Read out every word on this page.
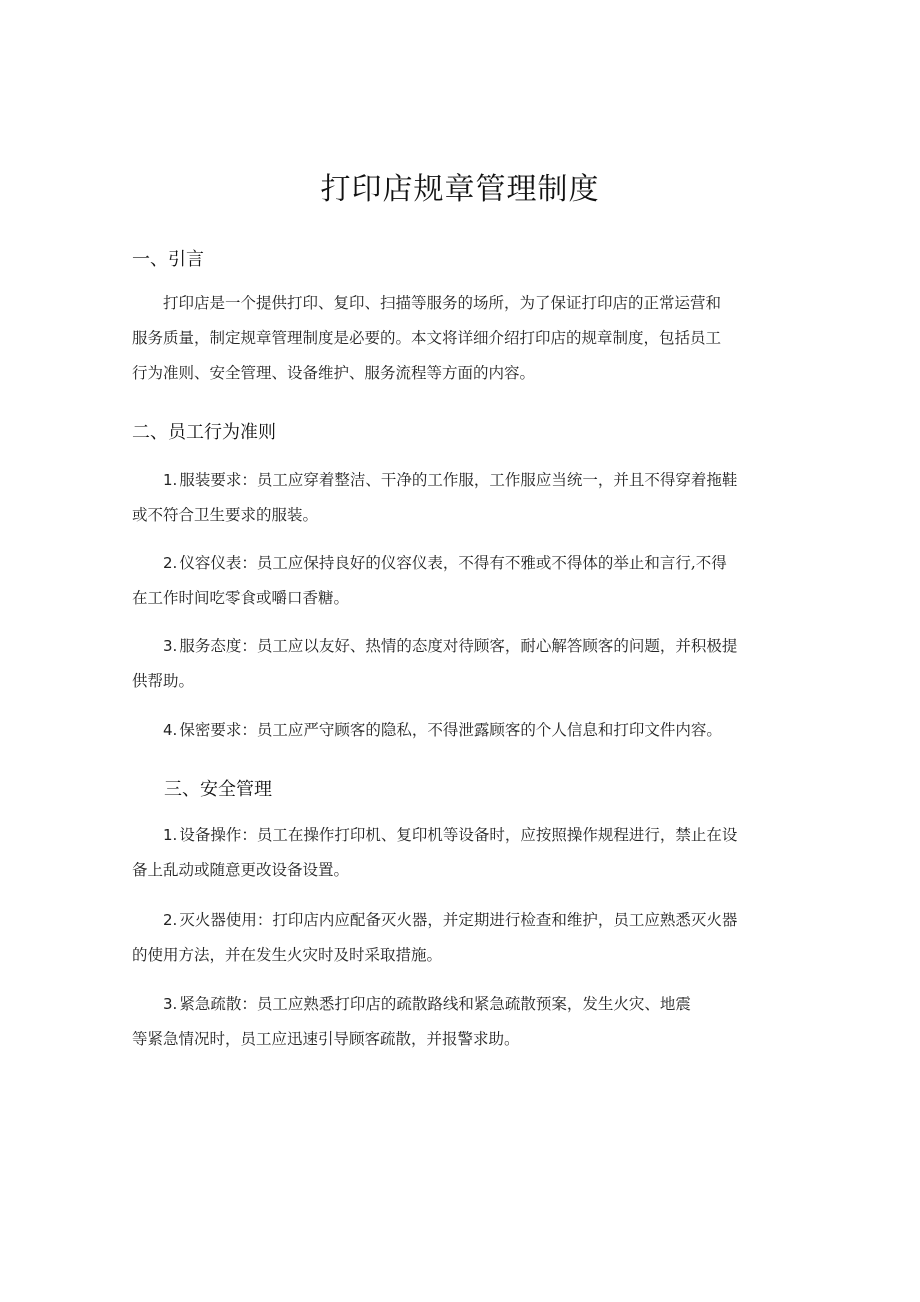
打印店规章管理制度
一、引言

打印店是一个提供打印、复印、扫描等服务的场所，为了保证打印店的正常运营和
服务质量，制定规章管理制度是必要的。本文将详细介绍打印店的规章制度，包括员工
行为准则、安全管理、设备维护、服务流程等方面的内容。

二、员工行为准则

1. 服装要求：员工应穿着整洁、干净的工作服，工作服应当统一，并且不得穿着拖鞋
或不符合卫生要求的服装。

2. 仪容仪表：员工应保持良好的仪容仪表，不得有不雅或不得体的举止和言行,不得
在工作时间吃零食或嚼口香糖。

3. 服务态度：员工应以友好、热情的态度对待顾客，耐心解答顾客的问题，并积极提
供帮助。

4. 保密要求：员工应严守顾客的隐私，不得泄露顾客的个人信息和打印文件内容。

三、安全管理

1. 设备操作：员工在操作打印机、复印机等设备时，应按照操作规程进行，禁止在设
备上乱动或随意更改设备设置。

2. 灭火器使用：打印店内应配备灭火器，并定期进行检查和维护，员工应熟悉灭火器
的使用方法，并在发生火灾时及时采取措施。

3. 紧急疏散：员工应熟悉打印店的疏散路线和紧急疏散预案，发生火灾、地震
等紧急情况时，员工应迅速引导顾客疏散，并报警求助。
